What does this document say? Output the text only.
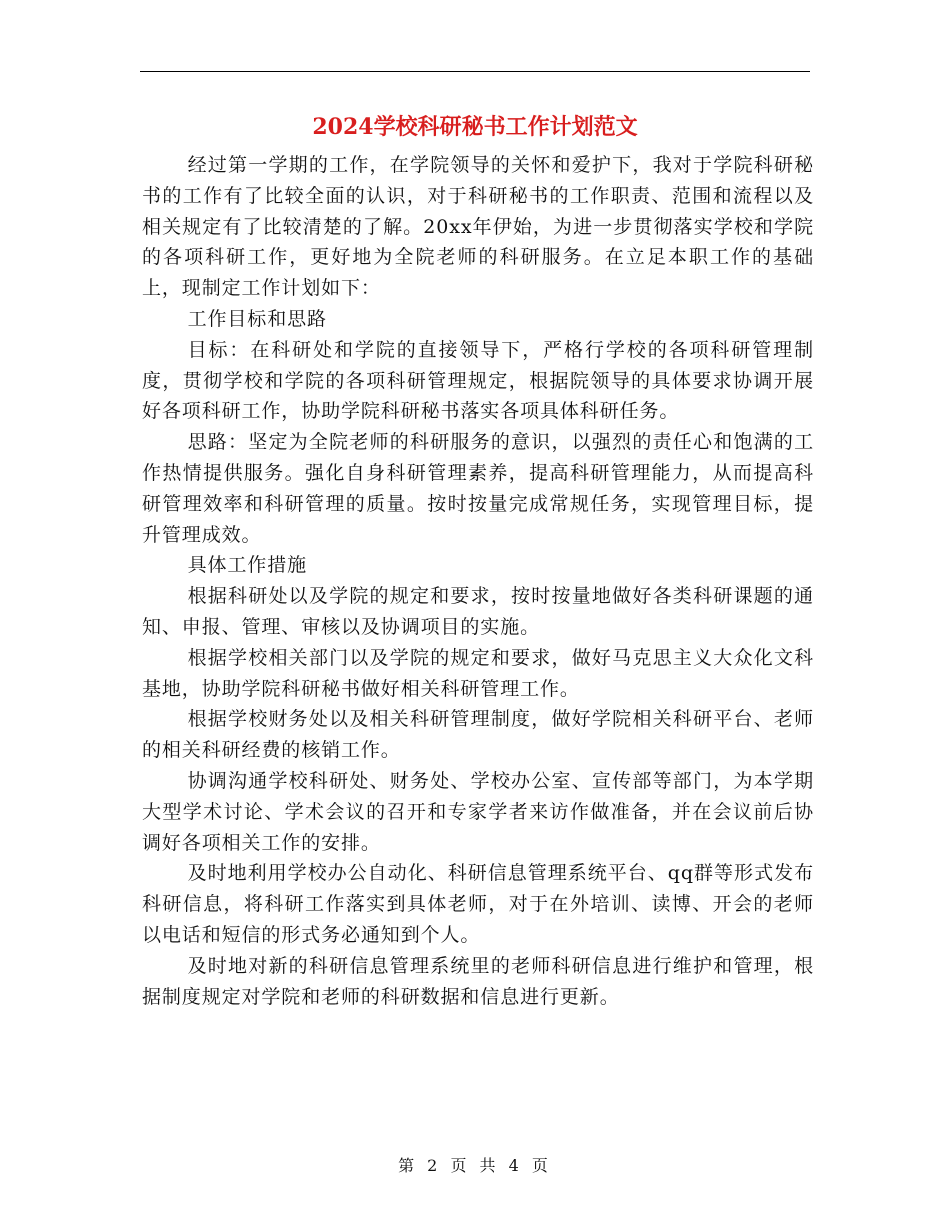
2024学校科研秘书工作计划范文

经过第一学期的工作，在学院领导的关怀和爱护下，我对于学院科研秘书的工作有了比较全面的认识，对于科研秘书的工作职责、范围和流程以及相关规定有了比较清楚的了解。20xx年伊始，为进一步贯彻落实学校和学院的各项科研工作，更好地为全院老师的科研服务。在立足本职工作的基础上，现制定工作计划如下：

工作目标和思路

目标：在科研处和学院的直接领导下，严格行学校的各项科研管理制度，贯彻学校和学院的各项科研管理规定，根据院领导的具体要求协调开展好各项科研工作，协助学院科研秘书落实各项具体科研任务。

思路：坚定为全院老师的科研服务的意识，以强烈的责任心和饱满的工作热情提供服务。强化自身科研管理素养，提高科研管理能力，从而提高科研管理效率和科研管理的质量。按时按量完成常规任务，实现管理目标，提升管理成效。

具体工作措施

根据科研处以及学院的规定和要求，按时按量地做好各类科研课题的通知、申报、管理、审核以及协调项目的实施。

根据学校相关部门以及学院的规定和要求，做好马克思主义大众化文科基地，协助学院科研秘书做好相关科研管理工作。

根据学校财务处以及相关科研管理制度，做好学院相关科研平台、老师的相关科研经费的核销工作。

协调沟通学校科研处、财务处、学校办公室、宣传部等部门，为本学期大型学术讨论、学术会议的召开和专家学者来访作做准备，并在会议前后协调好各项相关工作的安排。

及时地利用学校办公自动化、科研信息管理系统平台、qq群等形式发布科研信息，将科研工作落实到具体老师，对于在外培训、读博、开会的老师以电话和短信的形式务必通知到个人。

及时地对新的科研信息管理系统里的老师科研信息进行维护和管理，根据制度规定对学院和老师的科研数据和信息进行更新。

第 2 页 共 4 页
